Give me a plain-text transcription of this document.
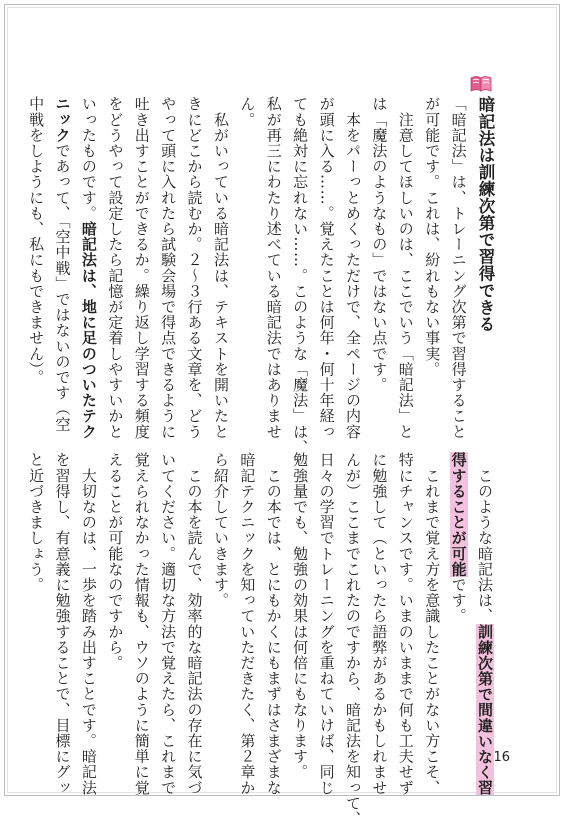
暗記法は訓練次第で習得できる
「暗記法」は、トレーニング次第で習得すること
が可能です。これは、紛れもない事実。
　注意してほしいのは、ここでいう「暗記法」と
は「魔法のようなもの」ではない点です。
　本をパーっとめくっただけで、全ページの内容
が頭に入る……。覚えたことは何年・何十年経っ
ても絶対に忘れない……。このような「魔法」は、
私が再三にわたり述べている暗記法ではありませ
ん。
　私がいっている暗記法は、テキストを開いたと
きにどこから読むか。２〜３行ある文章を、どう
やって頭に入れたら試験会場で得点できるように
吐き出すことができるか。繰り返し学習する頻度
をどうやって設定したら記憶が定着しやすいかと
いったものです。暗記法は、地に足のついたテク
ニックであって、「空中戦」ではないのです（空
中戦をしようにも、私にもできません）。
　このような暗記法は、訓練次第で間違いなく習
得することが可能です。
　これまで覚え方を意識したことがない方こそ、
特にチャンスです。いまのいままで何も工夫せず
に勉強して（といったら語弊があるかもしれませ
んが）ここまでこれたのですから、暗記法を知って、
日々の学習でトレーニングを重ねていけば、同じ
勉強量でも、勉強の効果は何倍にもなります。
　この本では、とにもかくにもまずはさまざまな
暗記テクニックを知っていただきたく、第２章か
ら紹介していきます。
　この本を読んで、効率的な暗記法の存在に気づ
いてください。適切な方法で覚えたら、これまで
覚えられなかった情報も、ウソのように簡単に覚
えることが可能なのですから。
　大切なのは、一歩を踏み出すことです。暗記法
を習得し、有意義に勉強することで、目標にグッ
と近づきましょう。
16
